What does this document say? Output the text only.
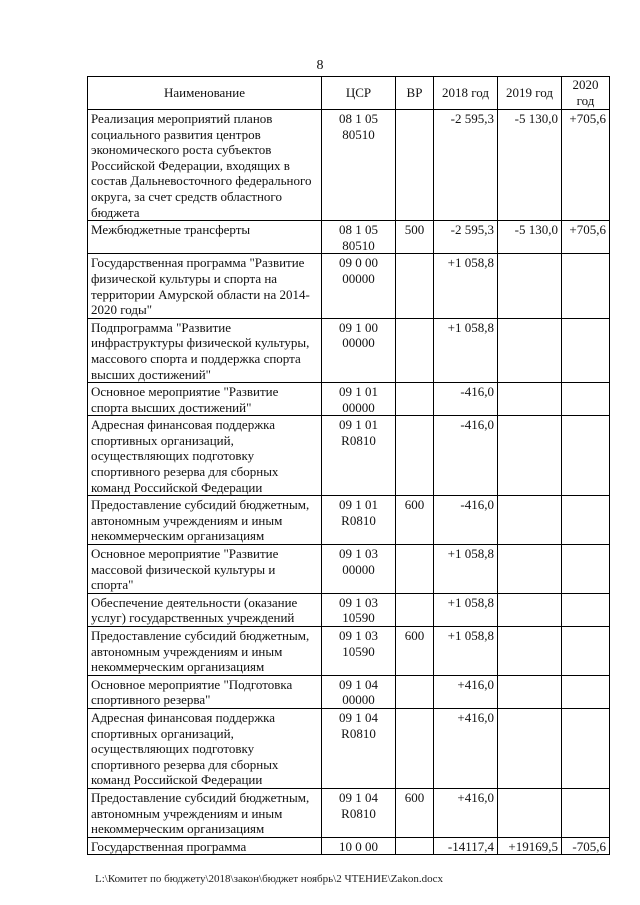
8
Наименование	ЦСР	ВР	2018 год	2019 год	2020 год
Реализация мероприятий планов социального развития центров экономического роста субъектов Российской Федерации, входящих в состав Дальневосточного федерального округа, за счет средств областного бюджета	08 1 05 80510		-2 595,3	-5 130,0	+705,6
Межбюджетные трансферты	08 1 05 80510	500	-2 595,3	-5 130,0	+705,6
Государственная программа "Развитие физической культуры и спорта на территории Амурской области на 2014-2020 годы"	09 0 00 00000		+1 058,8		
Подпрограмма "Развитие инфраструктуры физической культуры, массового спорта и поддержка спорта высших достижений"	09 1 00 00000		+1 058,8		
Основное мероприятие "Развитие спорта высших достижений"	09 1 01 00000		-416,0		
Адресная финансовая поддержка спортивных организаций, осуществляющих подготовку спортивного резерва для сборных команд Российской Федерации	09 1 01 R0810		-416,0		
Предоставление субсидий бюджетным, автономным учреждениям и иным некоммерческим организациям	09 1 01 R0810	600	-416,0		
Основное мероприятие "Развитие массовой физической культуры и спорта"	09 1 03 00000		+1 058,8		
Обеспечение деятельности (оказание услуг) государственных учреждений	09 1 03 10590		+1 058,8		
Предоставление субсидий бюджетным, автономным учреждениям и иным некоммерческим организациям	09 1 03 10590	600	+1 058,8		
Основное мероприятие "Подготовка спортивного резерва"	09 1 04 00000		+416,0		
Адресная финансовая поддержка спортивных организаций, осуществляющих подготовку спортивного резерва для сборных команд Российской Федерации	09 1 04 R0810		+416,0		
Предоставление субсидий бюджетным, автономным учреждениям и иным некоммерческим организациям	09 1 04 R0810	600	+416,0		
Государственная программа	10 0 00		-14117,4	+19169,5	-705,6
L:\Комитет по бюджету\2018\закон\бюджет ноябрь\2 ЧТЕНИЕ\Zakon.docx
